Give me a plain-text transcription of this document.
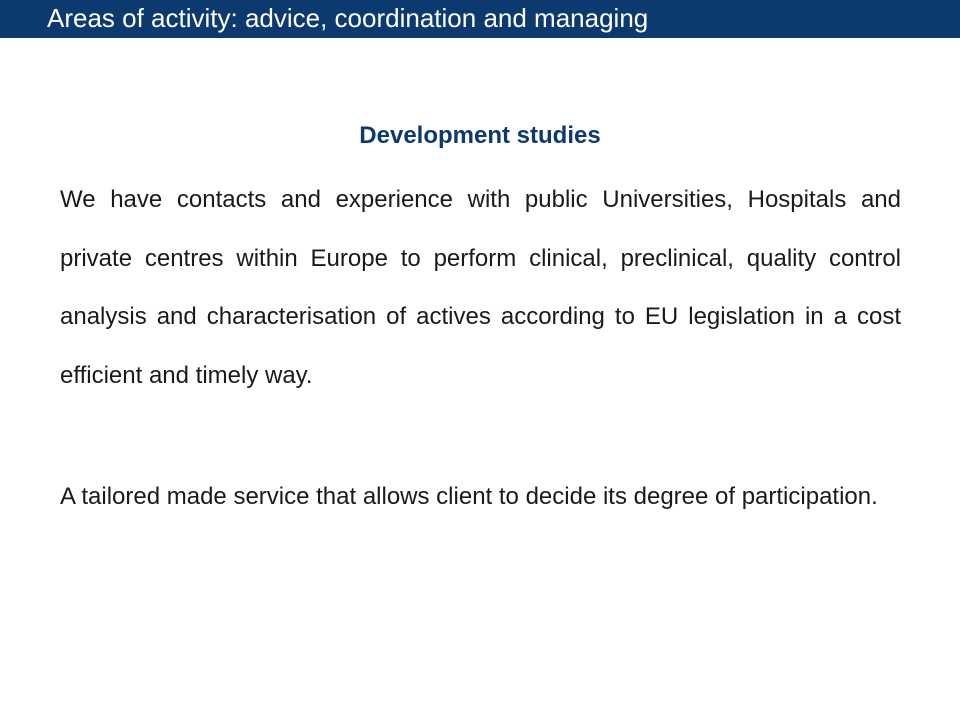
Areas of activity: advice, coordination and managing
Development studies

We have contacts and experience with public Universities, Hospitals and private centres within Europe to perform clinical, preclinical, quality control analysis and characterisation of actives according to EU legislation in a cost efficient and timely way.

A tailored made service that allows client to decide its degree of participation.
